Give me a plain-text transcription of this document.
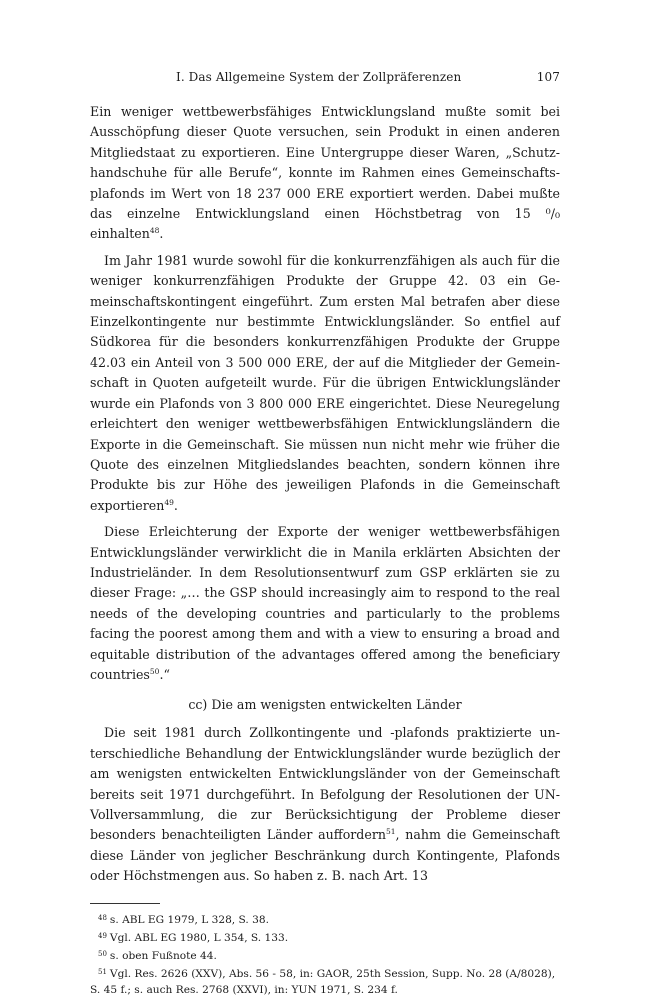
I. Das Allgemeine System der Zollpräferenzen	107

Ein weniger wettbewerbsfähiges Entwicklungsland mußte somit bei Ausschöpfung dieser Quote versuchen, sein Produkt in einen anderen Mitgliedstaat zu exportieren. Eine Untergruppe dieser Waren, „Schutzhandschuhe für alle Berufe“, konnte im Rahmen eines Gemeinschaftsplafonds im Wert von 18 237 000 ERE exportiert werden. Dabei mußte das einzelne Entwicklungsland einen Höchstbetrag von 15 ⁰/₀ einhalten$^{48}$.

Im Jahr 1981 wurde sowohl für die konkurrenzfähigen als auch für die weniger konkurrenzfähigen Produkte der Gruppe 42. 03 ein Gemeinschaftskontingent eingeführt. Zum ersten Mal betrafen aber diese Einzelkontingente nur bestimmte Entwicklungsländer. So entfiel auf Südkorea für die besonders konkurrenzfähigen Produkte der Gruppe 42.03 ein Anteil von 3 500 000 ERE, der auf die Mitglieder der Gemeinschaft in Quoten aufgeteilt wurde. Für die übrigen Entwicklungsländer wurde ein Plafonds von 3 800 000 ERE eingerichtet. Diese Neuregelung erleichtert den weniger wettbewerbsfähigen Entwicklungsländern die Exporte in die Gemeinschaft. Sie müssen nun nicht mehr wie früher die Quote des einzelnen Mitgliedslandes beachten, sondern können ihre Produkte bis zur Höhe des jeweiligen Plafonds in die Gemeinschaft exportieren$^{49}$.

Diese Erleichterung der Exporte der weniger wettbewerbsfähigen Entwicklungsländer verwirklicht die in Manila erklärten Absichten der Industrieländer. In dem Resolutionsentwurf zum GSP erklärten sie zu dieser Frage: „… the GSP should increasingly aim to respond to the real needs of the developing countries and particularly to the problems facing the poorest among them and with a view to ensuring a broad and equitable distribution of the advantages offered among the beneficiary countries$^{50}$.“

cc) Die am wenigsten entwickelten Länder

Die seit 1981 durch Zollkontingente und -plafonds praktizierte unterschiedliche Behandlung der Entwicklungsländer wurde bezüglich der am wenigsten entwickelten Entwicklungsländer von der Gemeinschaft bereits seit 1971 durchgeführt. In Befolgung der Resolutionen der UN-Vollversammlung, die zur Berücksichtigung der Probleme dieser besonders benachteiligten Länder auffordern$^{51}$, nahm die Gemeinschaft diese Länder von jeglicher Beschränkung durch Kontingente, Plafonds oder Höchstmengen aus. So haben z. B. nach Art. 13

$^{48}$ s. ABL EG 1979, L 328, S. 38.
$^{49}$ Vgl. ABL EG 1980, L 354, S. 133.
$^{50}$ s. oben Fußnote 44.
$^{51}$ Vgl. Res. 2626 (XXV), Abs. 56 - 58, in: GAOR, 25th Session, Supp. No. 28 (A/8028), S. 45 f.; s. auch Res. 2768 (XXVI), in: YUN 1971, S. 234 f.
